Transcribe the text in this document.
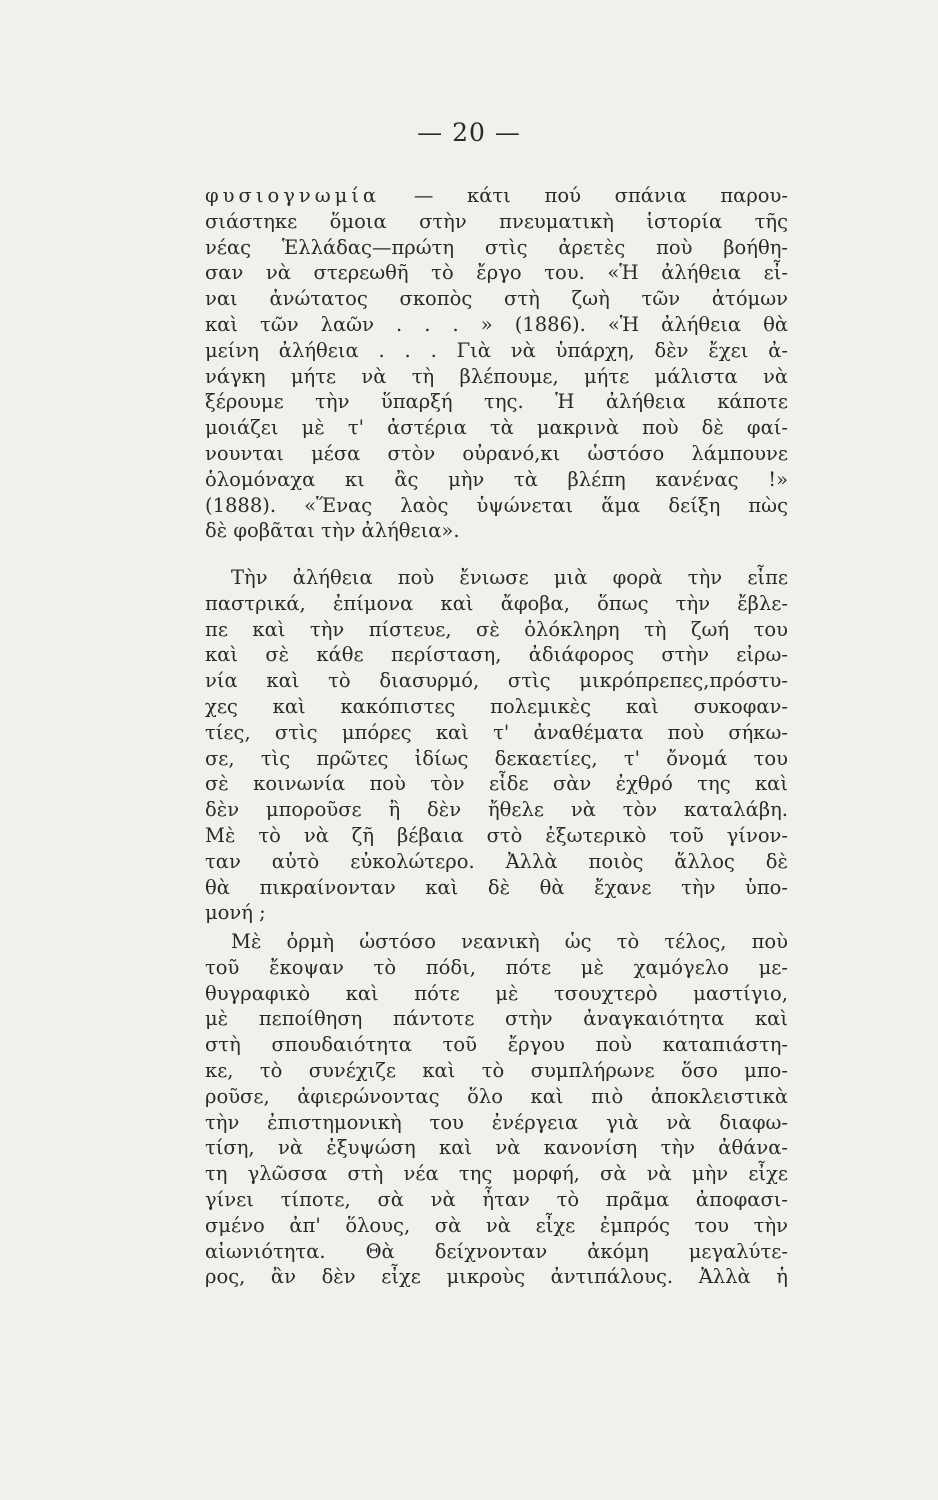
— 20 —
φυσιογνωμία — κάτι πού σπάνια παρου-
σιάστηκε ὅμοια στὴν πνευματικὴ ἱστορία τῆς
νέας Ἑλλάδας—πρώτη στὶς ἀρετὲς ποὺ βοήθη-
σαν νὰ στερεωθῆ τὸ ἔργο του. «Ἡ ἀλήθεια εἶ-
ναι ἀνώτατος σκοπὸς στὴ ζωὴ τῶν ἀτόμων
καὶ τῶν λαῶν . . . » (1886). «Ἡ ἀλήθεια θὰ
μείνη ἀλήθεια . . . Γιὰ νὰ ὑπάρχη, δὲν ἔχει ἀ-
νάγκη μήτε νὰ τὴ βλέπουμε, μήτε μάλιστα νὰ
ξέρουμε τὴν ὕπαρξή της. Ἡ ἀλήθεια κάποτε
μοιάζει μὲ τ' ἀστέρια τὰ μακρινὰ ποὺ δὲ φαί-
νουνται μέσα στὸν οὐρανό,κι ὡστόσο λάμπουνε
ὁλομόναχα κι ἂς μὴν τὰ βλέπη κανένας !»
(1888). «Ἕνας λαὸς ὑψώνεται ἅμα δείξη πὼς
δὲ φοβᾶται τὴν ἀλήθεια».
Τὴν ἀλήθεια ποὺ ἔνιωσε μιὰ φορὰ τὴν εἶπε
παστρικά, ἐπίμονα καὶ ἄφοβα, ὅπως τὴν ἔβλε-
πε καὶ τὴν πίστευε, σὲ ὁλόκληρη τὴ ζωή του
καὶ σὲ κάθε περίσταση, ἀδιάφορος στὴν εἰρω-
νία καὶ τὸ διασυρμό, στὶς μικρόπρεπες,πρόστυ-
χες καὶ κακόπιστες πολεμικὲς καὶ συκοφαν-
τίες, στὶς μπόρες καὶ τ' ἀναθέματα ποὺ σήκω-
σε, τὶς πρῶτες ἰδίως δεκαετίες, τ' ὄνομά του
σὲ κοινωνία ποὺ τὸν εἶδε σὰν ἐχθρό της καὶ
δὲν μποροῦσε ἢ δὲν ἤθελε νὰ τὸν καταλάβη.
Μὲ τὸ νὰ ζῆ βέβαια στὸ ἐξωτερικὸ τοῦ γίνον-
ταν αὐτὸ εὐκολώτερο. Ἀλλὰ ποιὸς ἄλλος δὲ
θὰ πικραίνονταν καὶ δὲ θὰ ἔχανε τὴν ὑπο-
μονή ;
Μὲ ὁρμὴ ὡστόσο νεανικὴ ὡς τὸ τέλος, ποὺ
τοῦ ἔκοψαν τὸ πόδι, πότε μὲ χαμόγελο με-
θυγραφικὸ καὶ πότε μὲ τσουχτερὸ μαστίγιο,
μὲ πεποίθηση πάντοτε στὴν ἀναγκαιότητα καὶ
στὴ σπουδαιότητα τοῦ ἔργου ποὺ καταπιάστη-
κε, τὸ συνέχιζε καὶ τὸ συμπλήρωνε ὅσο μπο-
ροῦσε, ἀφιερώνοντας ὅλο καὶ πιὸ ἀποκλειστικὰ
τὴν ἐπιστημονικὴ του ἐνέργεια γιὰ νὰ διαφω-
τίση, νὰ ἐξυψώση καὶ νὰ κανονίση τὴν ἀθάνα-
τη γλῶσσα στὴ νέα της μορφή, σὰ νὰ μὴν εἶχε
γίνει τίποτε, σὰ νὰ ἦταν τὸ πρᾶμα ἀποφασι-
σμένο ἀπ' ὅλους, σὰ νὰ εἶχε ἐμπρός του τὴν
αἰωνιότητα. Θὰ δείχνονταν ἀκόμη μεγαλύτε-
ρος, ἂν δὲν εἶχε μικροὺς ἀντιπάλους. Ἀλλὰ ἡ
